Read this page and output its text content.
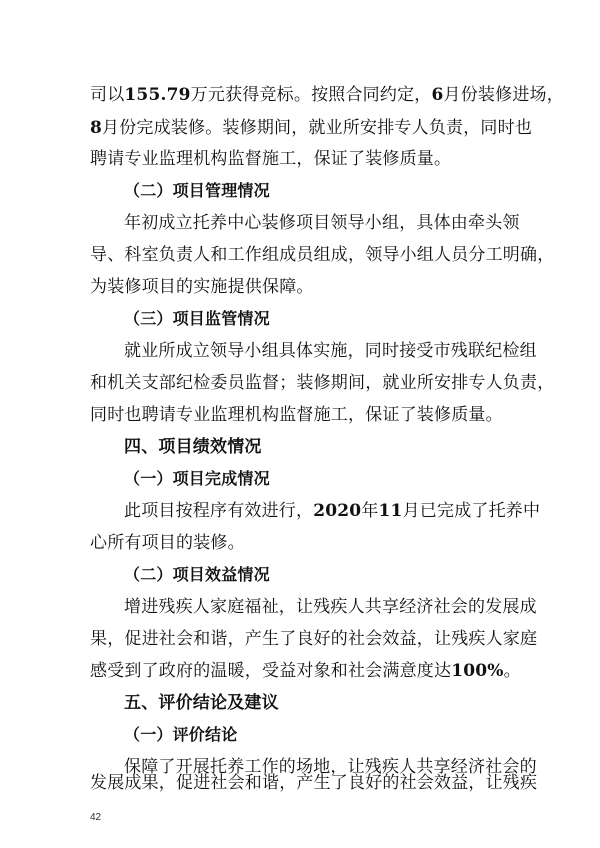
司以155.79万元获得竞标。按照合同约定，6月份装修进场，
8月份完成装修。装修期间，就业所安排专人负责，同时也
聘请专业监理机构监督施工，保证了装修质量。
（二）项目管理情况
年初成立托养中心装修项目领导小组，具体由牵头领
导、科室负责人和工作组成员组成，领导小组人员分工明确，
为装修项目的实施提供保障。
（三）项目监管情况
就业所成立领导小组具体实施，同时接受市残联纪检组
和机关支部纪检委员监督；装修期间，就业所安排专人负责，
同时也聘请专业监理机构监督施工，保证了装修质量。
四、项目绩效情况
（一）项目完成情况
此项目按程序有效进行，2020年11月已完成了托养中
心所有项目的装修。
（二）项目效益情况
增进残疾人家庭福祉，让残疾人共享经济社会的发展成
果，促进社会和谐，产生了良好的社会效益，让残疾人家庭
感受到了政府的温暖，受益对象和社会满意度达100%。
五、评价结论及建议
（一）评价结论
保障了开展托养工作的场地，让残疾人共享经济社会的
发展成果，促进社会和谐，产生了良好的社会效益，让残疾
42
